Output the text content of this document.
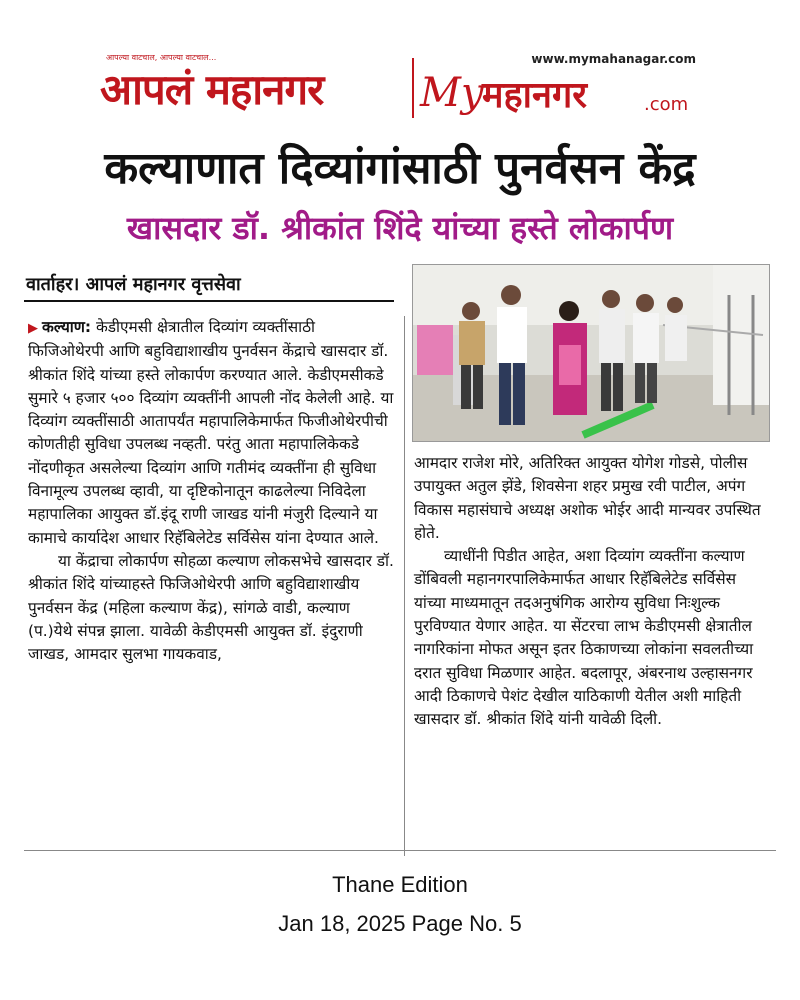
आपल्या वाटचाल, आपल्या वाटचाल...
आपलं महानगर
www.mymahanagar.com
My
महानगर	.com
कल्याणात दिव्यांगांसाठी पुनर्वसन केंद्र
खासदार डॉ. श्रीकांत शिंदे यांच्या हस्ते लोकार्पण
वार्ताहर। आपलं महानगर वृत्तसेवा

▶ कल्याण: केडीएमसी क्षेत्रातील दिव्यांग व्यक्तींसाठी फिजिओथेरपी आणि बहुविद्याशाखीय पुनर्वसन केंद्राचे खासदार डॉ. श्रीकांत शिंदे यांच्या हस्ते लोकार्पण करण्यात आले. केडीएमसीकडे सुमारे ५ हजार ५०० दिव्यांग व्यक्तींनी आपली नोंद केलेली आहे. या दिव्यांग व्यक्तींसाठी आतापर्यंत महापालिकेमार्फत फिजीओथेरपीची कोणतीही सुविधा उपलब्ध नव्हती. परंतु आता महापालिकेकडे नोंदणीकृत असलेल्या दिव्यांग आणि गतीमंद व्यक्तींना ही सुविधा विनामूल्य उपलब्ध व्हावी, या दृष्टिकोनातून काढलेल्या निविदेला महापालिका आयुक्त डॉ.इंदू राणी जाखड यांनी मंजुरी दिल्याने या कामाचे कार्यादेश आधार रिहॅबिलेटेड सर्विसेस यांना देण्यात आले.

या केंद्राचा लोकार्पण सोहळा कल्याण लोकसभेचे खासदार डॉ. श्रीकांत शिंदे यांच्याहस्ते फिजिओथेरपी आणि बहुविद्याशाखीय पुनर्वसन केंद्र (महिला कल्याण केंद्र), सांगळे वाडी, कल्याण (प.)येथे संपन्न झाला. यावेळी केडीएमसी आयुक्त डॉ. इंदुराणी जाखड, आमदार सुलभा गायकवाड,

आमदार राजेश मोरे, अतिरिक्त आयुक्त योगेश गोडसे, पोलीस उपायुक्त अतुल झेंडे, शिवसेना शहर प्रमुख रवी पाटील, अपंग विकास महासंघाचे अध्यक्ष अशोक भोईर आदी मान्यवर उपस्थित होते.

व्याधींनी पिडीत आहेत, अशा दिव्यांग व्यक्तींना कल्याण डोंबिवली महानगरपालिकेमार्फत आधार रिहॅबिलेटेड सर्विसेस यांच्या माध्यमातून तदअनुषंगिक आरोग्य सुविधा निःशुल्क पुरविण्यात येणार आहेत. या सेंटरचा लाभ केडीएमसी क्षेत्रातील नागरिकांना मोफत असून इतर ठिकाणच्या लोकांना सवलतीच्या दरात सुविधा मिळणार आहेत. बदलापूर, अंबरनाथ उल्हासनगर आदी ठिकाणचे पेशंट देखील याठिकाणी येतील अशी माहिती खासदार डॉ. श्रीकांत शिंदे यांनी यावेळी दिली.

Thane Edition
Jan 18, 2025 Page No. 5
